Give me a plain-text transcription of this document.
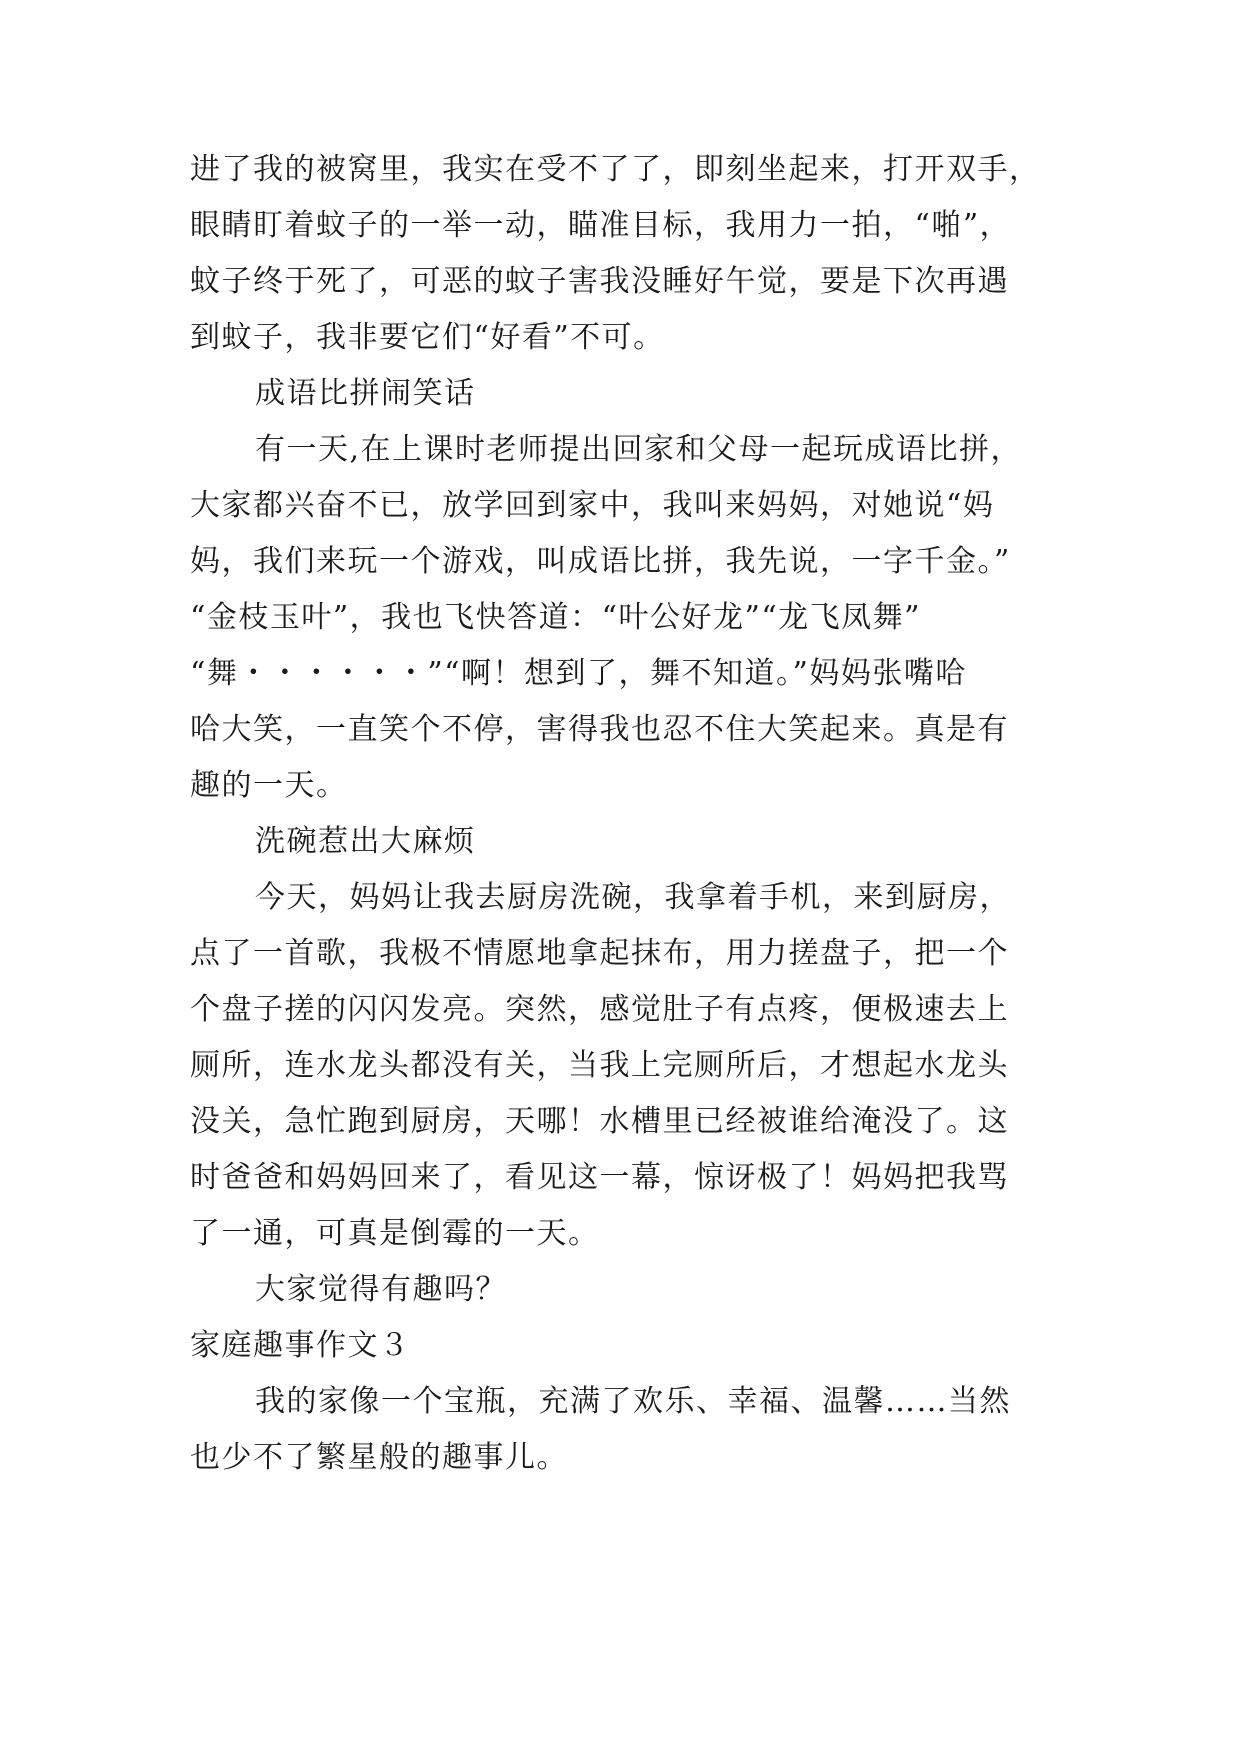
进了我的被窝里，我实在受不了了，即刻坐起来，打开双手，
眼睛盯着蚊子的一举一动，瞄准目标，我用力一拍，“啪”，
蚊子终于死了，可恶的蚊子害我没睡好午觉，要是下次再遇
到蚊子，我非要它们“好看”不可。
成语比拼闹笑话
有一天,在上课时老师提出回家和父母一起玩成语比拼，
大家都兴奋不已，放学回到家中，我叫来妈妈，对她说“妈
妈，我们来玩一个游戏，叫成语比拼，我先说，一字千金。”
“金枝玉叶”，我也飞快答道：“叶公好龙”“龙飞凤舞”
“舞・・・・・・”“啊！想到了，舞不知道。”妈妈张嘴哈
哈大笑，一直笑个不停，害得我也忍不住大笑起来。真是有
趣的一天。
洗碗惹出大麻烦
今天，妈妈让我去厨房洗碗，我拿着手机，来到厨房，
点了一首歌，我极不情愿地拿起抹布，用力搓盘子，把一个
个盘子搓的闪闪发亮。突然，感觉肚子有点疼，便极速去上
厕所，连水龙头都没有关，当我上完厕所后，才想起水龙头
没关，急忙跑到厨房，天哪！水槽里已经被谁给淹没了。这
时爸爸和妈妈回来了，看见这一幕，惊讶极了！妈妈把我骂
了一通，可真是倒霉的一天。
大家觉得有趣吗？
家庭趣事作文３
我的家像一个宝瓶，充满了欢乐、幸福、温馨……当然
也少不了繁星般的趣事儿。
